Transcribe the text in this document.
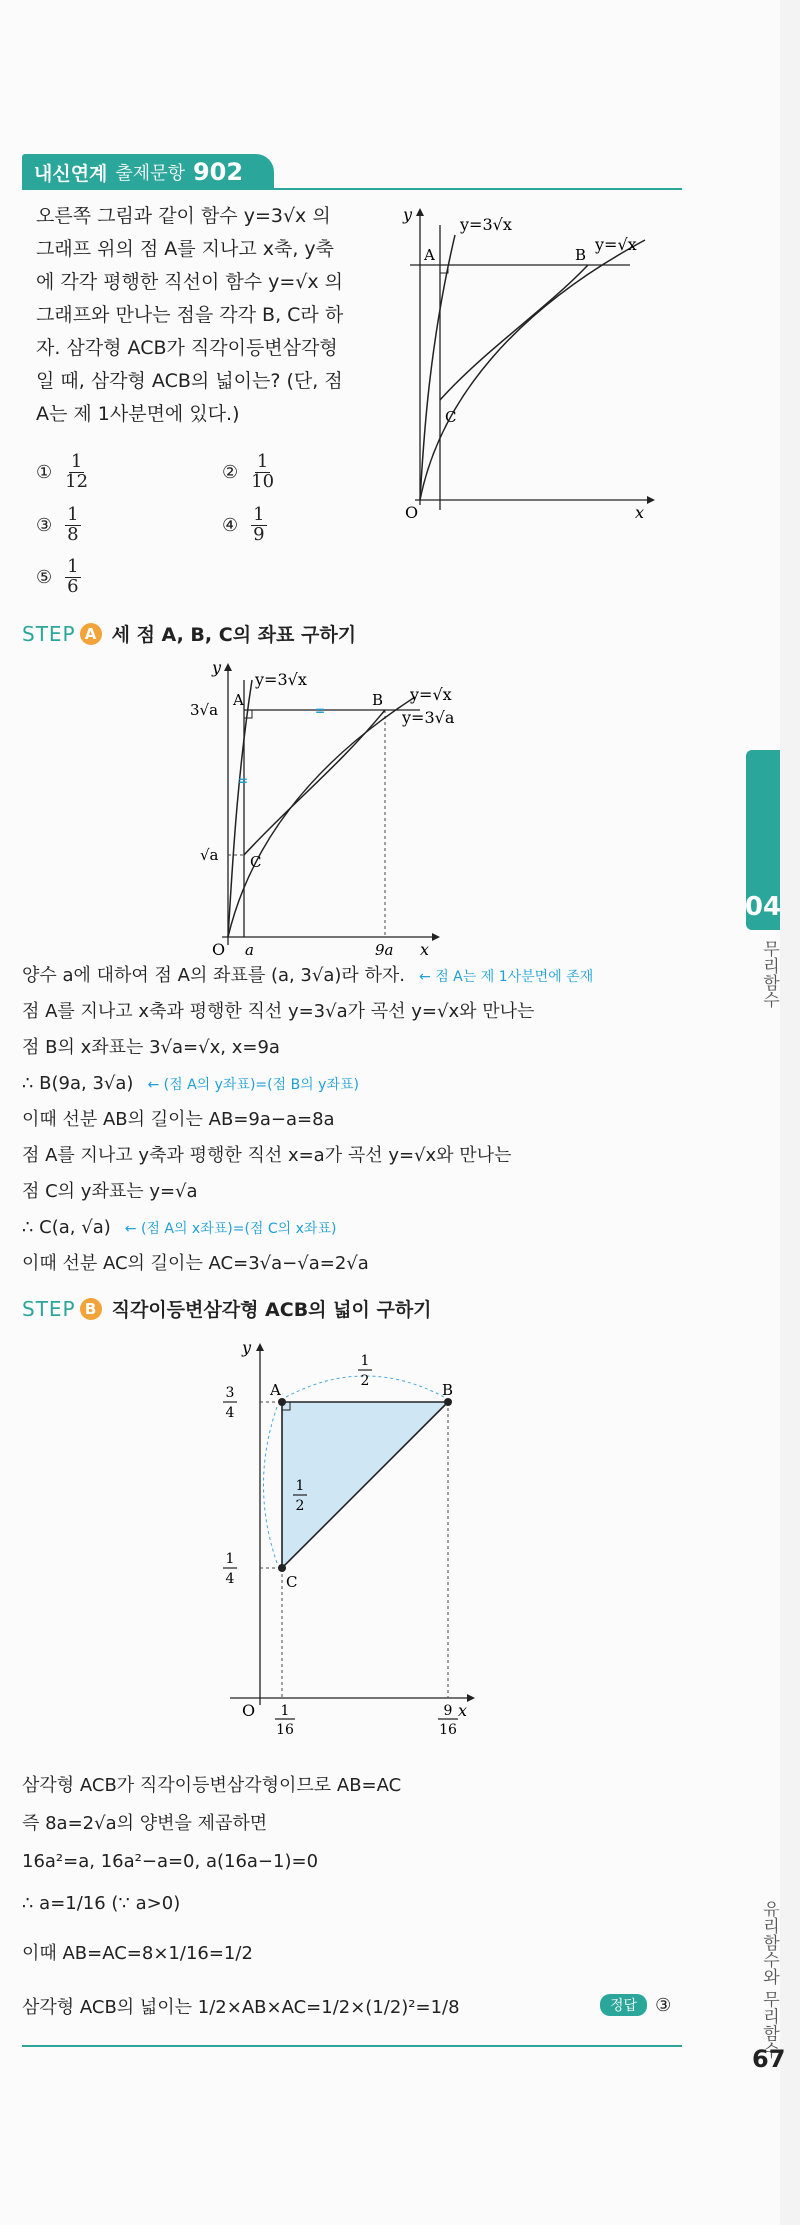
내신연계 출제문항 902
오른쪽 그림과 같이 함수 y=3√x 의
그래프 위의 점 A를 지나고 x축, y축
에 각각 평행한 직선이 함수 y=√x 의
그래프와 만나는 점을 각각 B, C라 하
자. 삼각형 ACB가 직각이등변삼각형
일 때, 삼각형 ACB의 넓이는? (단, 점
A는 제 1사분면에 있다.)
① $\frac{1}{12}$	② $\frac{1}{10}$
③ $\frac{1}{8}$	④ $\frac{1}{9}$
⑤ $\frac{1}{6}$
y
x
O
y=3√x
y=√x
A	B
C
STEP A 세 점 A, B, C의 좌표 구하기
=
=
y
x
O a	9a
3√a
√a
y=3√x
y=√x
y=3√a
A	B
C
양수 a에 대하여 점 A의 좌표를 (a, 3√a)라 하자. ← 점 A는 제 1사분면에 존재
점 A를 지나고 x축과 평행한 직선 y=3√a가 곡선 y=√x와 만나는
점 B의 x좌표는 3√a=√x, x=9a
∴ B(9a, 3√a) ← (점 A의 y좌표)=(점 B의 y좌표)
이때 선분 AB의 길이는 AB=9a−a=8a
점 A를 지나고 y축과 평행한 직선 x=a가 곡선 y=√x와 만나는
점 C의 y좌표는 y=√a
∴ C(a, √a) ← (점 A의 x좌표)=(점 C의 x좌표)
이때 선분 AC의 길이는 AC=3√a−√a=2√a
STEP B 직각이등변삼각형 ACB의 넓이 구하기
y
x
O
A	B
C
3
4
1
4
1
16
9
16
1
2
1
2
삼각형 ACB가 직각이등변삼각형이므로 AB=AC
즉 8a=2√a의 양변을 제곱하면
16a²=a, 16a²−a=0, a(16a−1)=0
∴ a=1/16 (∵ a>0)
이때 AB=AC=8×1/16=1/2
삼각형 ACB의 넓이는 1/2×AB×AC=1/2×(1/2)²=1/8	정답	③
04
무리함수
유리함수와 무리함수
67
